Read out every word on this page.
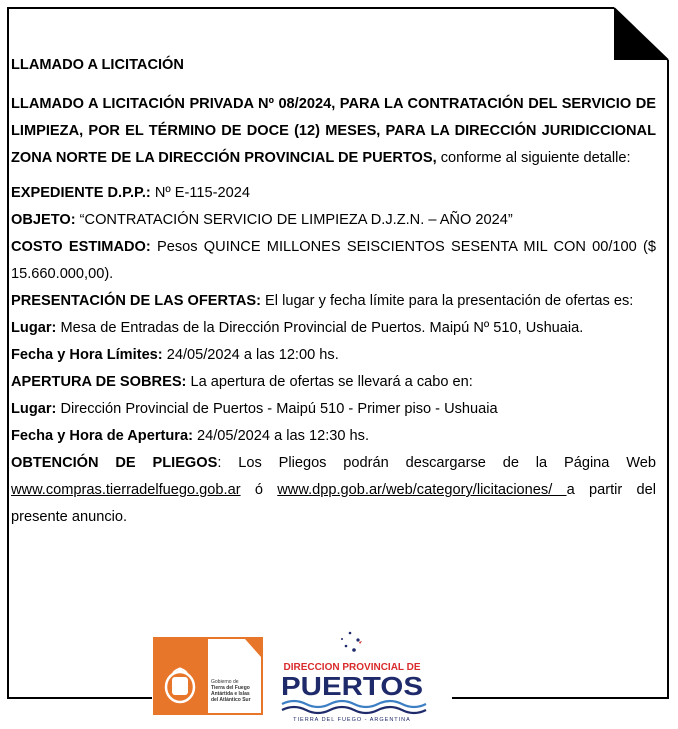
LLAMADO A LICITACIÓN

LLAMADO A LICITACIÓN PRIVADA Nº 08/2024, PARA LA CONTRATACIÓN DEL SERVICIO DE LIMPIEZA, POR EL TÉRMINO DE DOCE (12) MESES, PARA LA DIRECCIÓN JURIDICCIONAL ZONA NORTE DE LA DIRECCIÓN PROVINCIAL DE PUERTOS, conforme al siguiente detalle:

EXPEDIENTE D.P.P.: Nº E-115-2024

OBJETO: “CONTRATACIÓN SERVICIO DE LIMPIEZA D.J.Z.N. – AÑO 2024”

COSTO ESTIMADO: Pesos QUINCE MILLONES SEISCIENTOS SESENTA MIL CON 00/100 ($ 15.660.000,00).

PRESENTACIÓN DE LAS OFERTAS: El lugar y fecha límite para la presentación de ofertas es:

Lugar: Mesa de Entradas de la Dirección Provincial de Puertos. Maipú Nº 510, Ushuaia.

Fecha y Hora Límites: 24/05/2024 a las 12:00 hs.

APERTURA DE SOBRES: La apertura de ofertas se llevará a cabo en:

Lugar: Dirección Provincial de Puertos - Maipú 510 - Primer piso - Ushuaia

Fecha y Hora de Apertura: 24/05/2024 a las 12:30 hs.

OBTENCIÓN DE PLIEGOS: Los Pliegos podrán descargarse de la Página Web www.compras.tierradelfuego.gob.ar ó www.dpp.gob.ar/web/category/licitaciones/ a partir del presente anuncio.

Gobierno de
Tierra del Fuego
Antártida e Islas
del Atlántico Sur
DIRECCION PROVINCIAL DE
PUERTOS
TIERRA DEL FUEGO - ARGENTINA
